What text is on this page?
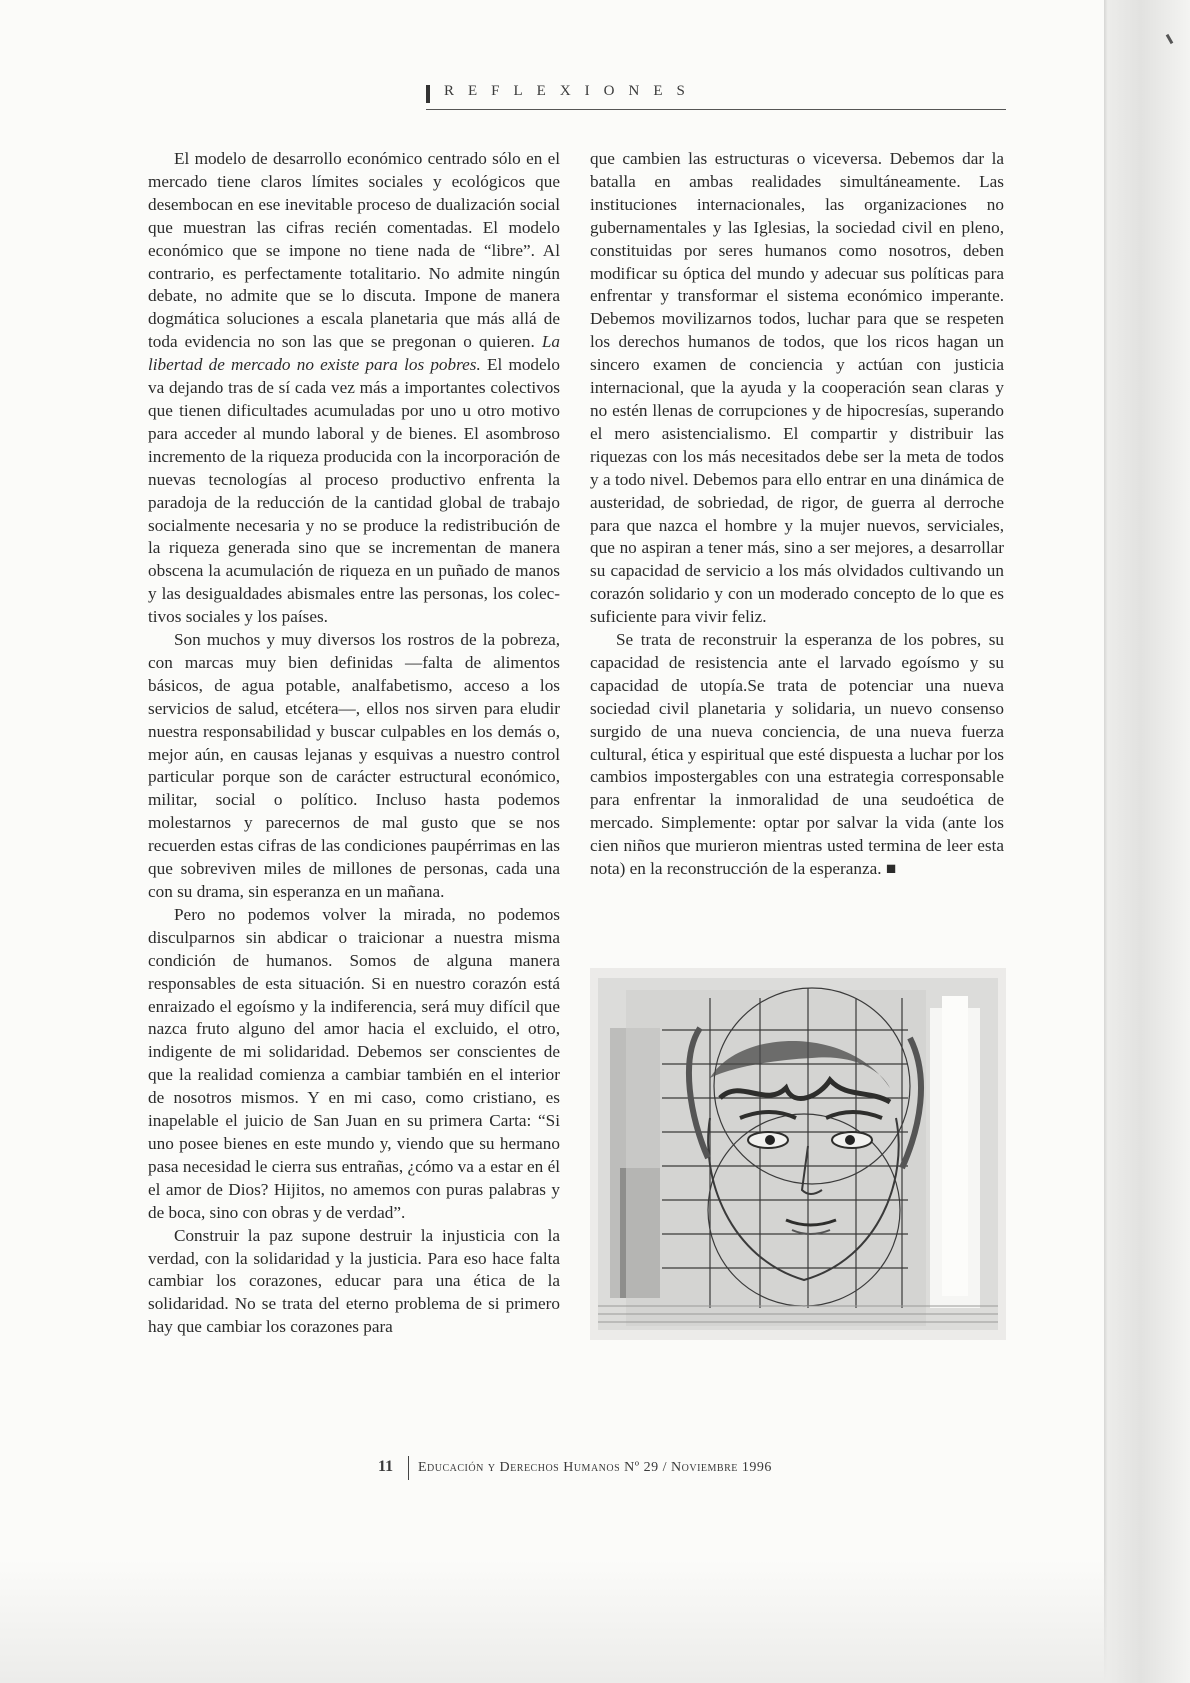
REFLEXIONES

El modelo de desarrollo económico centrado sólo en el mercado tiene claros límites sociales y ecológicos que desembocan en ese inevitable proceso de dualización social que muestran las cifras recién comentadas. El modelo económico que se impone no tiene nada de “libre”. Al contrario, es perfectamente totalitario. No admite ningún debate, no admite que se lo discuta. Impone de manera dogmática soluciones a escala planetaria que más allá de toda evidencia no son las que se pregonan o quieren. La libertad de mercado no existe para los pobres. El modelo va dejando tras de sí cada vez más a importantes colectivos que tienen dificultades acumuladas por uno u otro motivo para acceder al mundo laboral y de bienes. El asombroso incremento de la riqueza producida con la incorporación de nuevas tecnologías al proceso productivo enfrenta la paradoja de la reducción de la cantidad global de trabajo socialmente necesaria y no se produce la redistribución de la riqueza generada sino que se incrementan de manera obscena la acumulación de riqueza en un puñado de manos y las desigualdades abismales entre las personas, los colectivos sociales y los países.

Son muchos y muy diversos los rostros de la pobreza, con marcas muy bien definidas —falta de alimentos básicos, de agua potable, analfabetismo, acceso a los servicios de salud, etcétera—, ellos nos sirven para eludir nuestra responsabilidad y buscar culpables en los demás o, mejor aún, en causas lejanas y esquivas a nuestro control particular porque son de carácter estructural económico, militar, social o político. Incluso hasta podemos molestarnos y parecernos de mal gusto que se nos recuerden estas cifras de las condiciones paupérrimas en las que sobreviven miles de millones de personas, cada una con su drama, sin esperanza en un mañana.

Pero no podemos volver la mirada, no podemos disculparnos sin abdicar o traicionar a nuestra misma condición de humanos. Somos de alguna manera responsables de esta situación. Si en nuestro corazón está enraizado el egoísmo y la indiferencia, será muy difícil que nazca fruto alguno del amor hacia el excluido, el otro, indigente de mi solidaridad. Debemos ser conscientes de que la realidad comienza a cambiar también en el interior de nosotros mismos. Y en mi caso, como cristiano, es inapelable el juicio de San Juan en su primera Carta: “Si uno posee bienes en este mundo y, viendo que su hermano pasa necesidad le cierra sus entrañas, ¿cómo va a estar en él el amor de Dios? Hijitos, no amemos con puras palabras y de boca, sino con obras y de verdad”.

Construir la paz supone destruir la injusticia con la verdad, con la solidaridad y la justicia. Para eso hace falta cambiar los corazones, educar para una ética de la solidaridad. No se trata del eterno problema de si primero hay que cambiar los corazones para

que cambien las estructuras o viceversa. Debemos dar la batalla en ambas realidades simultáneamente. Las instituciones internacionales, las organizaciones no gubernamentales y las Iglesias, la sociedad civil en pleno, constituidas por seres humanos como nosotros, deben modificar su óptica del mundo y adecuar sus políticas para enfrentar y transformar el sistema económico imperante. Debemos movilizarnos todos, luchar para que se respeten los derechos humanos de todos, que los ricos hagan un sincero examen de conciencia y actúan con justicia internacional, que la ayuda y la cooperación sean claras y no estén llenas de corrupciones y de hipocresías, superando el mero asistencialismo. El compartir y distribuir las riquezas con los más necesitados debe ser la meta de todos y a todo nivel. Debemos para ello entrar en una dinámica de austeridad, de sobriedad, de rigor, de guerra al derroche para que nazca el hombre y la mujer nuevos, serviciales, que no aspiran a tener más, sino a ser mejores, a desarrollar su capacidad de servicio a los más olvidados cultivando un corazón solidario y con un moderado concepto de lo que es suficiente para vivir feliz.

Se trata de reconstruir la esperanza de los pobres, su capacidad de resistencia ante el larvado egoísmo y su capacidad de utopía.Se trata de potenciar una nueva sociedad civil planetaria y solidaria, un nuevo consenso surgido de una nueva conciencia, de una nueva fuerza cultural, ética y espiritual que esté dispuesta a luchar por los cambios impostergables con una estrategia corresponsable para enfrentar la inmoralidad de una seudoética de mercado. Simplemente: optar por salvar la vida (ante los cien niños que murieron mientras usted termina de leer esta nota) en la reconstrucción de la esperanza. ■

11 Educación y Derechos Humanos Nº 29 / Noviembre 1996
